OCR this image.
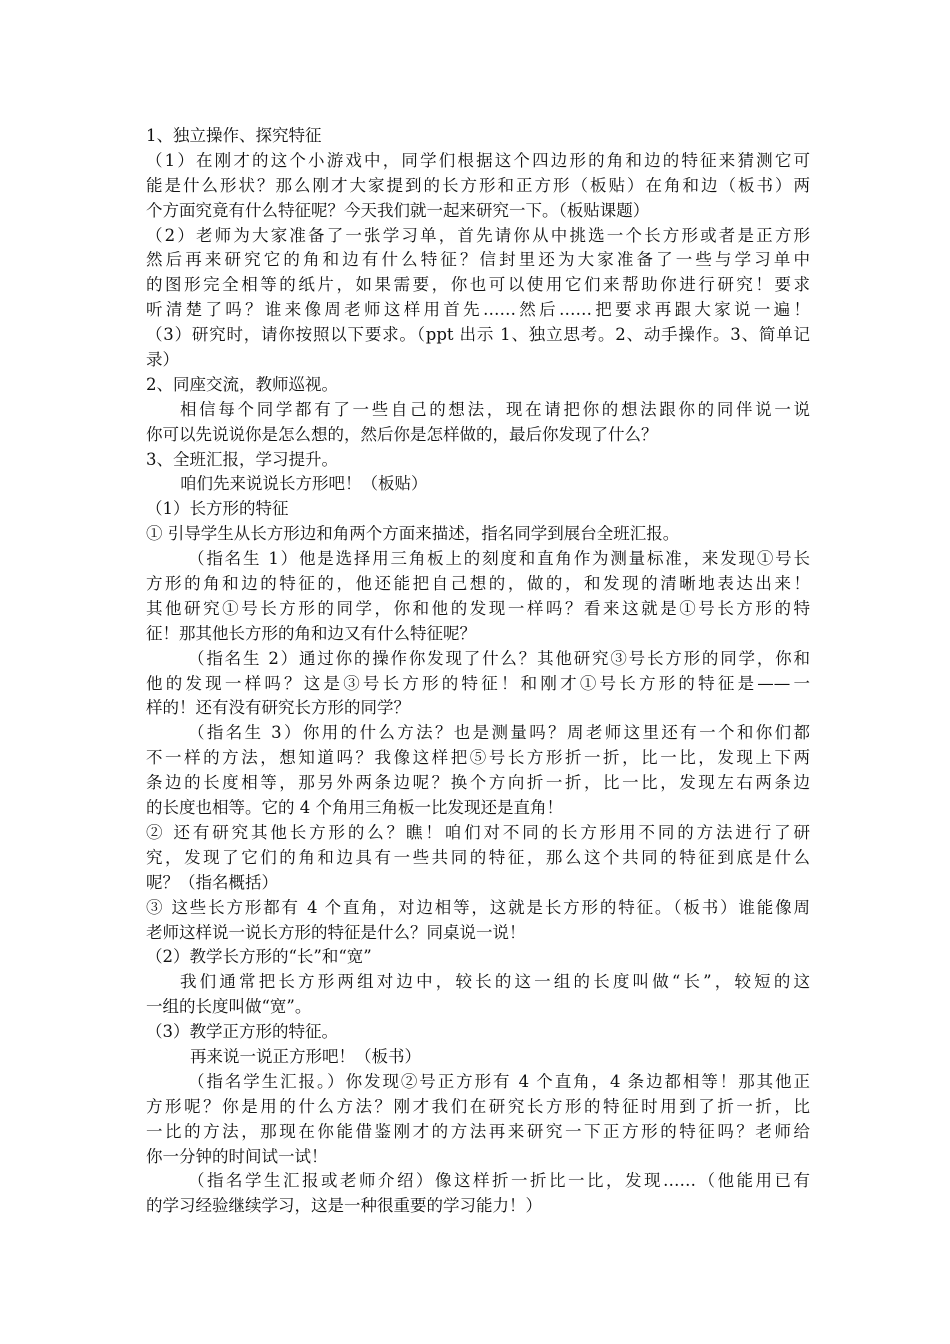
1、独立操作、探究特征
（1）在刚才的这个小游戏中，同学们根据这个四边形的角和边的特征来猜测它可
能是什么形状？那么刚才大家提到的长方形和正方形（板贴）在角和边（板书）两
个方面究竟有什么特征呢？今天我们就一起来研究一下。（板贴课题）
（2）老师为大家准备了一张学习单，首先请你从中挑选一个长方形或者是正方形
然后再来研究它的角和边有什么特征？信封里还为大家准备了一些与学习单中
的图形完全相等的纸片，如果需要，你也可以使用它们来帮助你进行研究！要求
听清楚了吗？谁来像周老师这样用首先……然后……把要求再跟大家说一遍！
（3）研究时，请你按照以下要求。（ppt 出示 1、独立思考。2、动手操作。3、简单记
录）
2、同座交流，教师巡视。
相信每个同学都有了一些自己的想法，现在请把你的想法跟你的同伴说一说
你可以先说说你是怎么想的，然后你是怎样做的，最后你发现了什么？
3、全班汇报，学习提升。
咱们先来说说长方形吧！（板贴）
（1）长方形的特征
① 引导学生从长方形边和角两个方面来描述，指名同学到展台全班汇报。
（指名生 1）他是选择用三角板上的刻度和直角作为测量标准，来发现①号长
方形的角和边的特征的，他还能把自己想的，做的，和发现的清晰地表达出来！
其他研究①号长方形的同学，你和他的发现一样吗？看来这就是①号长方形的特
征！那其他长方形的角和边又有什么特征呢？
（指名生 2）通过你的操作你发现了什么？其他研究③号长方形的同学，你和
他的发现一样吗？这是③号长方形的特征！和刚才①号长方形的特征是——一
样的！还有没有研究长方形的同学？
（指名生 3）你用的什么方法？也是测量吗？周老师这里还有一个和你们都
不一样的方法，想知道吗？我像这样把⑤号长方形折一折，比一比，发现上下两
条边的长度相等，那另外两条边呢？换个方向折一折，比一比，发现左右两条边
的长度也相等。它的 4 个角用三角板一比发现还是直角！
② 还有研究其他长方形的么？瞧！咱们对不同的长方形用不同的方法进行了研
究，发现了它们的角和边具有一些共同的特征，那么这个共同的特征到底是什么
呢？（指名概括）
③ 这些长方形都有 4 个直角，对边相等，这就是长方形的特征。（板书）谁能像周
老师这样说一说长方形的特征是什么？同桌说一说！
（2）教学长方形的“长”和“宽”
我们通常把长方形两组对边中，较长的这一组的长度叫做“长”，较短的这
一组的长度叫做“宽”。
（3）教学正方形的特征。
再来说一说正方形吧！（板书）
（指名学生汇报。）你发现②号正方形有 4 个直角，4 条边都相等！那其他正
方形呢？你是用的什么方法？刚才我们在研究长方形的特征时用到了折一折，比
一比的方法，那现在你能借鉴刚才的方法再来研究一下正方形的特征吗？老师给
你一分钟的时间试一试！
（指名学生汇报或老师介绍）像这样折一折比一比，发现……（他能用已有
的学习经验继续学习，这是一种很重要的学习能力！）
